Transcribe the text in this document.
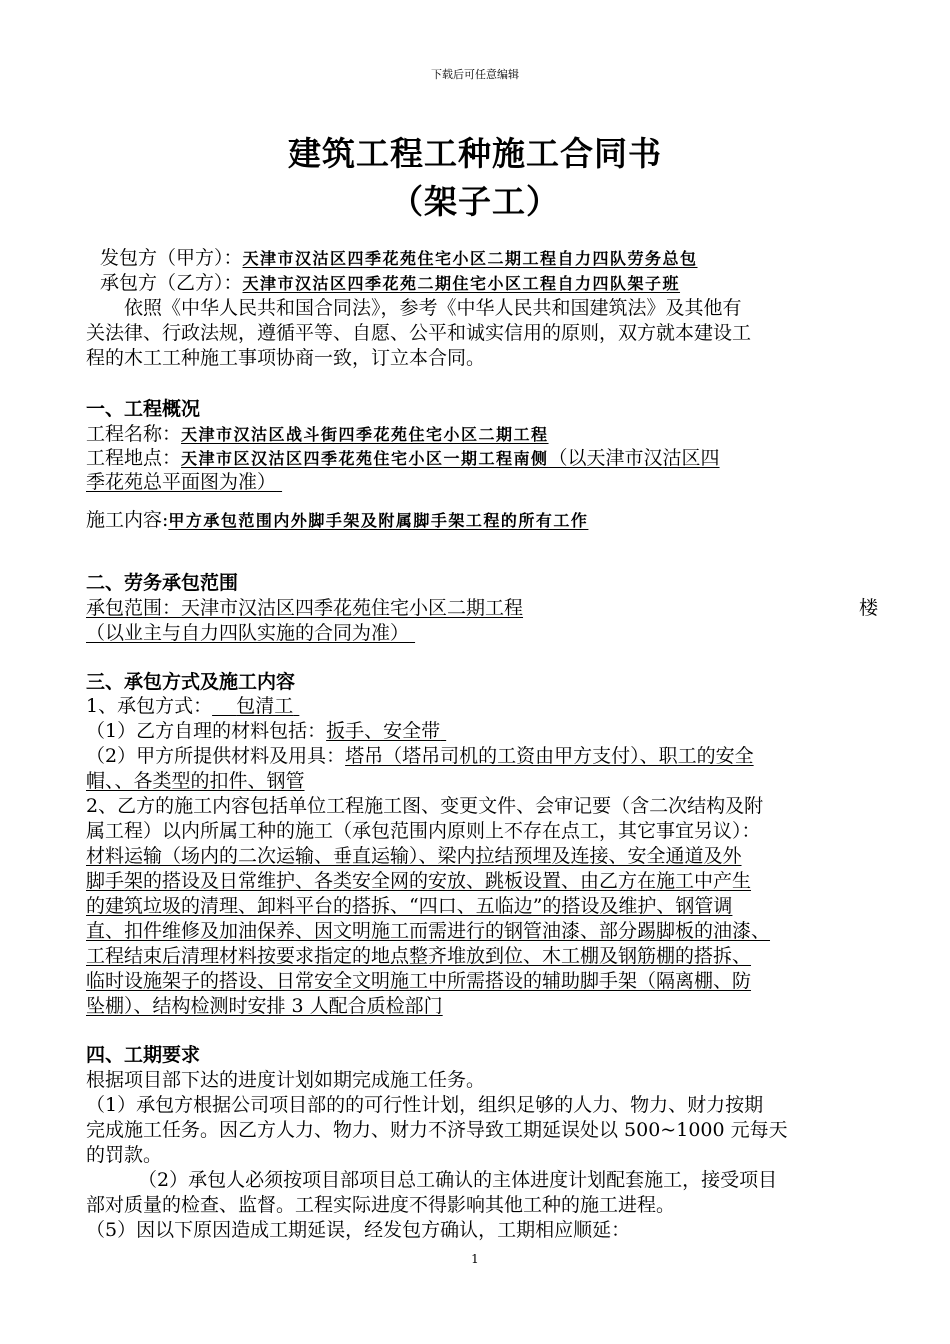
下载后可任意编辑
建筑工程工种施工合同书
（架子工）
发包方（甲方）：天津市汉沽区四季花苑住宅小区二期工程自力四队劳务总包
承包方（乙方）：天津市汉沽区四季花苑二期住宅小区工程自力四队架子班
依照《中华人民共和国合同法》，参考《中华人民共和国建筑法》及其他有
关法律、行政法规，遵循平等、自愿、公平和诚实信用的原则，双方就本建设工
程的木工工种施工事项协商一致，订立本合同。
一、工程概况
工程名称：天津市汉沽区战斗街四季花苑住宅小区二期工程
工程地点：天津市区汉沽区四季花苑住宅小区一期工程南侧（以天津市汉沽区四
季花苑总平面图为准）
施工内容:甲方承包范围内外脚手架及附属脚手架工程的所有工作
二、劳务承包范围
承包范围：天津市汉沽区四季花苑住宅小区二期工程	楼
（以业主与自力四队实施的合同为准）
三、承包方式及施工内容
1、承包方式： 包清工
（1）乙方自理的材料包括：扳手、安全带
（2）甲方所提供材料及用具：塔吊（塔吊司机的工资由甲方支付）、职工的安全
帽、、各类型的扣件、钢管
2、乙方的施工内容包括单位工程施工图、变更文件、会审记要（含二次结构及附
属工程）以内所属工种的施工（承包范围内原则上不存在点工，其它事宜另议）：
材料运输（场内的二次运输、垂直运输）、梁内拉结预埋及连接、安全通道及外
脚手架的搭设及日常维护、各类安全网的安放、跳板设置、由乙方在施工中产生
的建筑垃圾的清理、卸料平台的搭拆、“四口、五临边”的搭设及维护、钢管调
直、扣件维修及加油保养、因文明施工而需进行的钢管油漆、部分踢脚板的油漆、
工程结束后清理材料按要求指定的地点整齐堆放到位、木工棚及钢筋棚的搭拆、
临时设施架子的搭设、日常安全文明施工中所需搭设的辅助脚手架（隔离棚、防
坠棚）、结构检测时安排 3 人配合质检部门
四、工期要求
根据项目部下达的进度计划如期完成施工任务。
（1）承包方根据公司项目部的的可行性计划，组织足够的人力、物力、财力按期
完成施工任务。因乙方人力、物力、财力不济导致工期延误处以 500~1000 元每天
的罚款。
（2）承包人必须按项目部项目总工确认的主体进度计划配套施工，接受项目
部对质量的检查、监督。工程实际进度不得影响其他工种的施工进程。
（5）因以下原因造成工期延误，经发包方确认，工期相应顺延：
1
